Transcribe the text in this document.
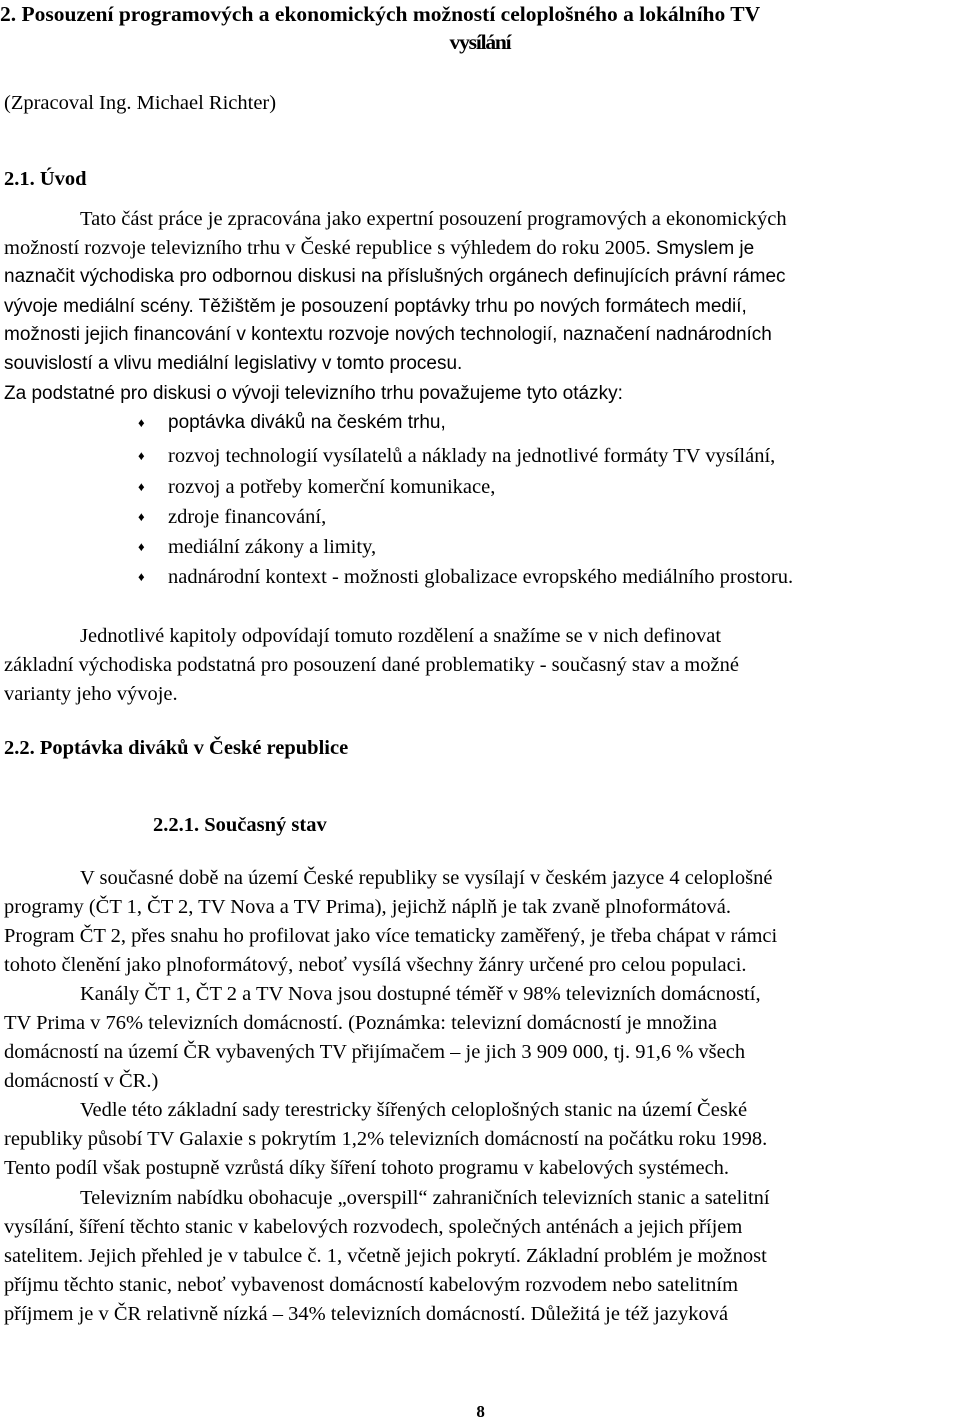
2. Posouzení programových a ekonomických možností celoplošného a lokálního TV
vysílání
(Zpracoval Ing. Michael Richter)
2.1. Úvod
Tato část práce je zpracována jako expertní posouzení programových a ekonomických
možností rozvoje televizního trhu v České republice s výhledem do roku 2005. Smyslem je
naznačit východiska pro odbornou diskusi na příslušných orgánech definujících právní rámec
vývoje mediální scény. Těžištěm je posouzení poptávky trhu po nových formátech medií,
možnosti jejich financování v kontextu rozvoje nových technologií, naznačení nadnárodních
souvislostí a vlivu mediální legislativy v tomto procesu.
Za podstatné pro diskusi o vývoji televizního trhu považujeme tyto otázky:
♦ poptávka diváků na českém trhu,
♦ rozvoj technologií vysílatelů a náklady na jednotlivé formáty TV vysílání,
♦ rozvoj a potřeby komerční komunikace,
♦ zdroje financování,
♦ mediální zákony a limity,
♦ nadnárodní kontext - možnosti globalizace evropského mediálního prostoru.
Jednotlivé kapitoly odpovídají tomuto rozdělení a snažíme se v nich definovat
základní východiska podstatná pro posouzení dané problematiky - současný stav a možné
varianty jeho vývoje.
2.2. Poptávka diváků v České republice
2.2.1. Současný stav
V současné době na území České republiky se vysílají v českém jazyce 4 celoplošné
programy (ČT 1, ČT 2, TV Nova a TV Prima), jejichž náplň je tak zvaně plnoformátová.
Program ČT 2, přes snahu ho profilovat jako více tematicky zaměřený, je třeba chápat v rámci
tohoto členění jako plnoformátový, neboť vysílá všechny žánry určené pro celou populaci.
Kanály ČT 1, ČT 2 a TV Nova jsou dostupné téměř v 98% televizních domácností,
TV Prima v 76% televizních domácností. (Poznámka: televizní domácností je množina
domácností na území ČR vybavených TV přijímačem – je jich 3 909 000, tj. 91,6 % všech
domácností v ČR.)
Vedle této základní sady terestricky šířených celoplošných stanic na území České
republiky působí TV Galaxie s pokrytím 1,2% televizních domácností na počátku roku 1998.
Tento podíl však postupně vzrůstá díky šíření tohoto programu v kabelových systémech.
Televizním nabídku obohacuje „overspill“ zahraničních televizních stanic a satelitní
vysílání, šíření těchto stanic v kabelových rozvodech, společných anténách a jejich příjem
satelitem. Jejich přehled je v tabulce č. 1, včetně jejich pokrytí. Základní problém je možnost
příjmu těchto stanic, neboť vybavenost domácností kabelovým rozvodem nebo satelitním
příjmem je v ČR relativně nízká – 34% televizních domácností. Důležitá je též jazyková
8
